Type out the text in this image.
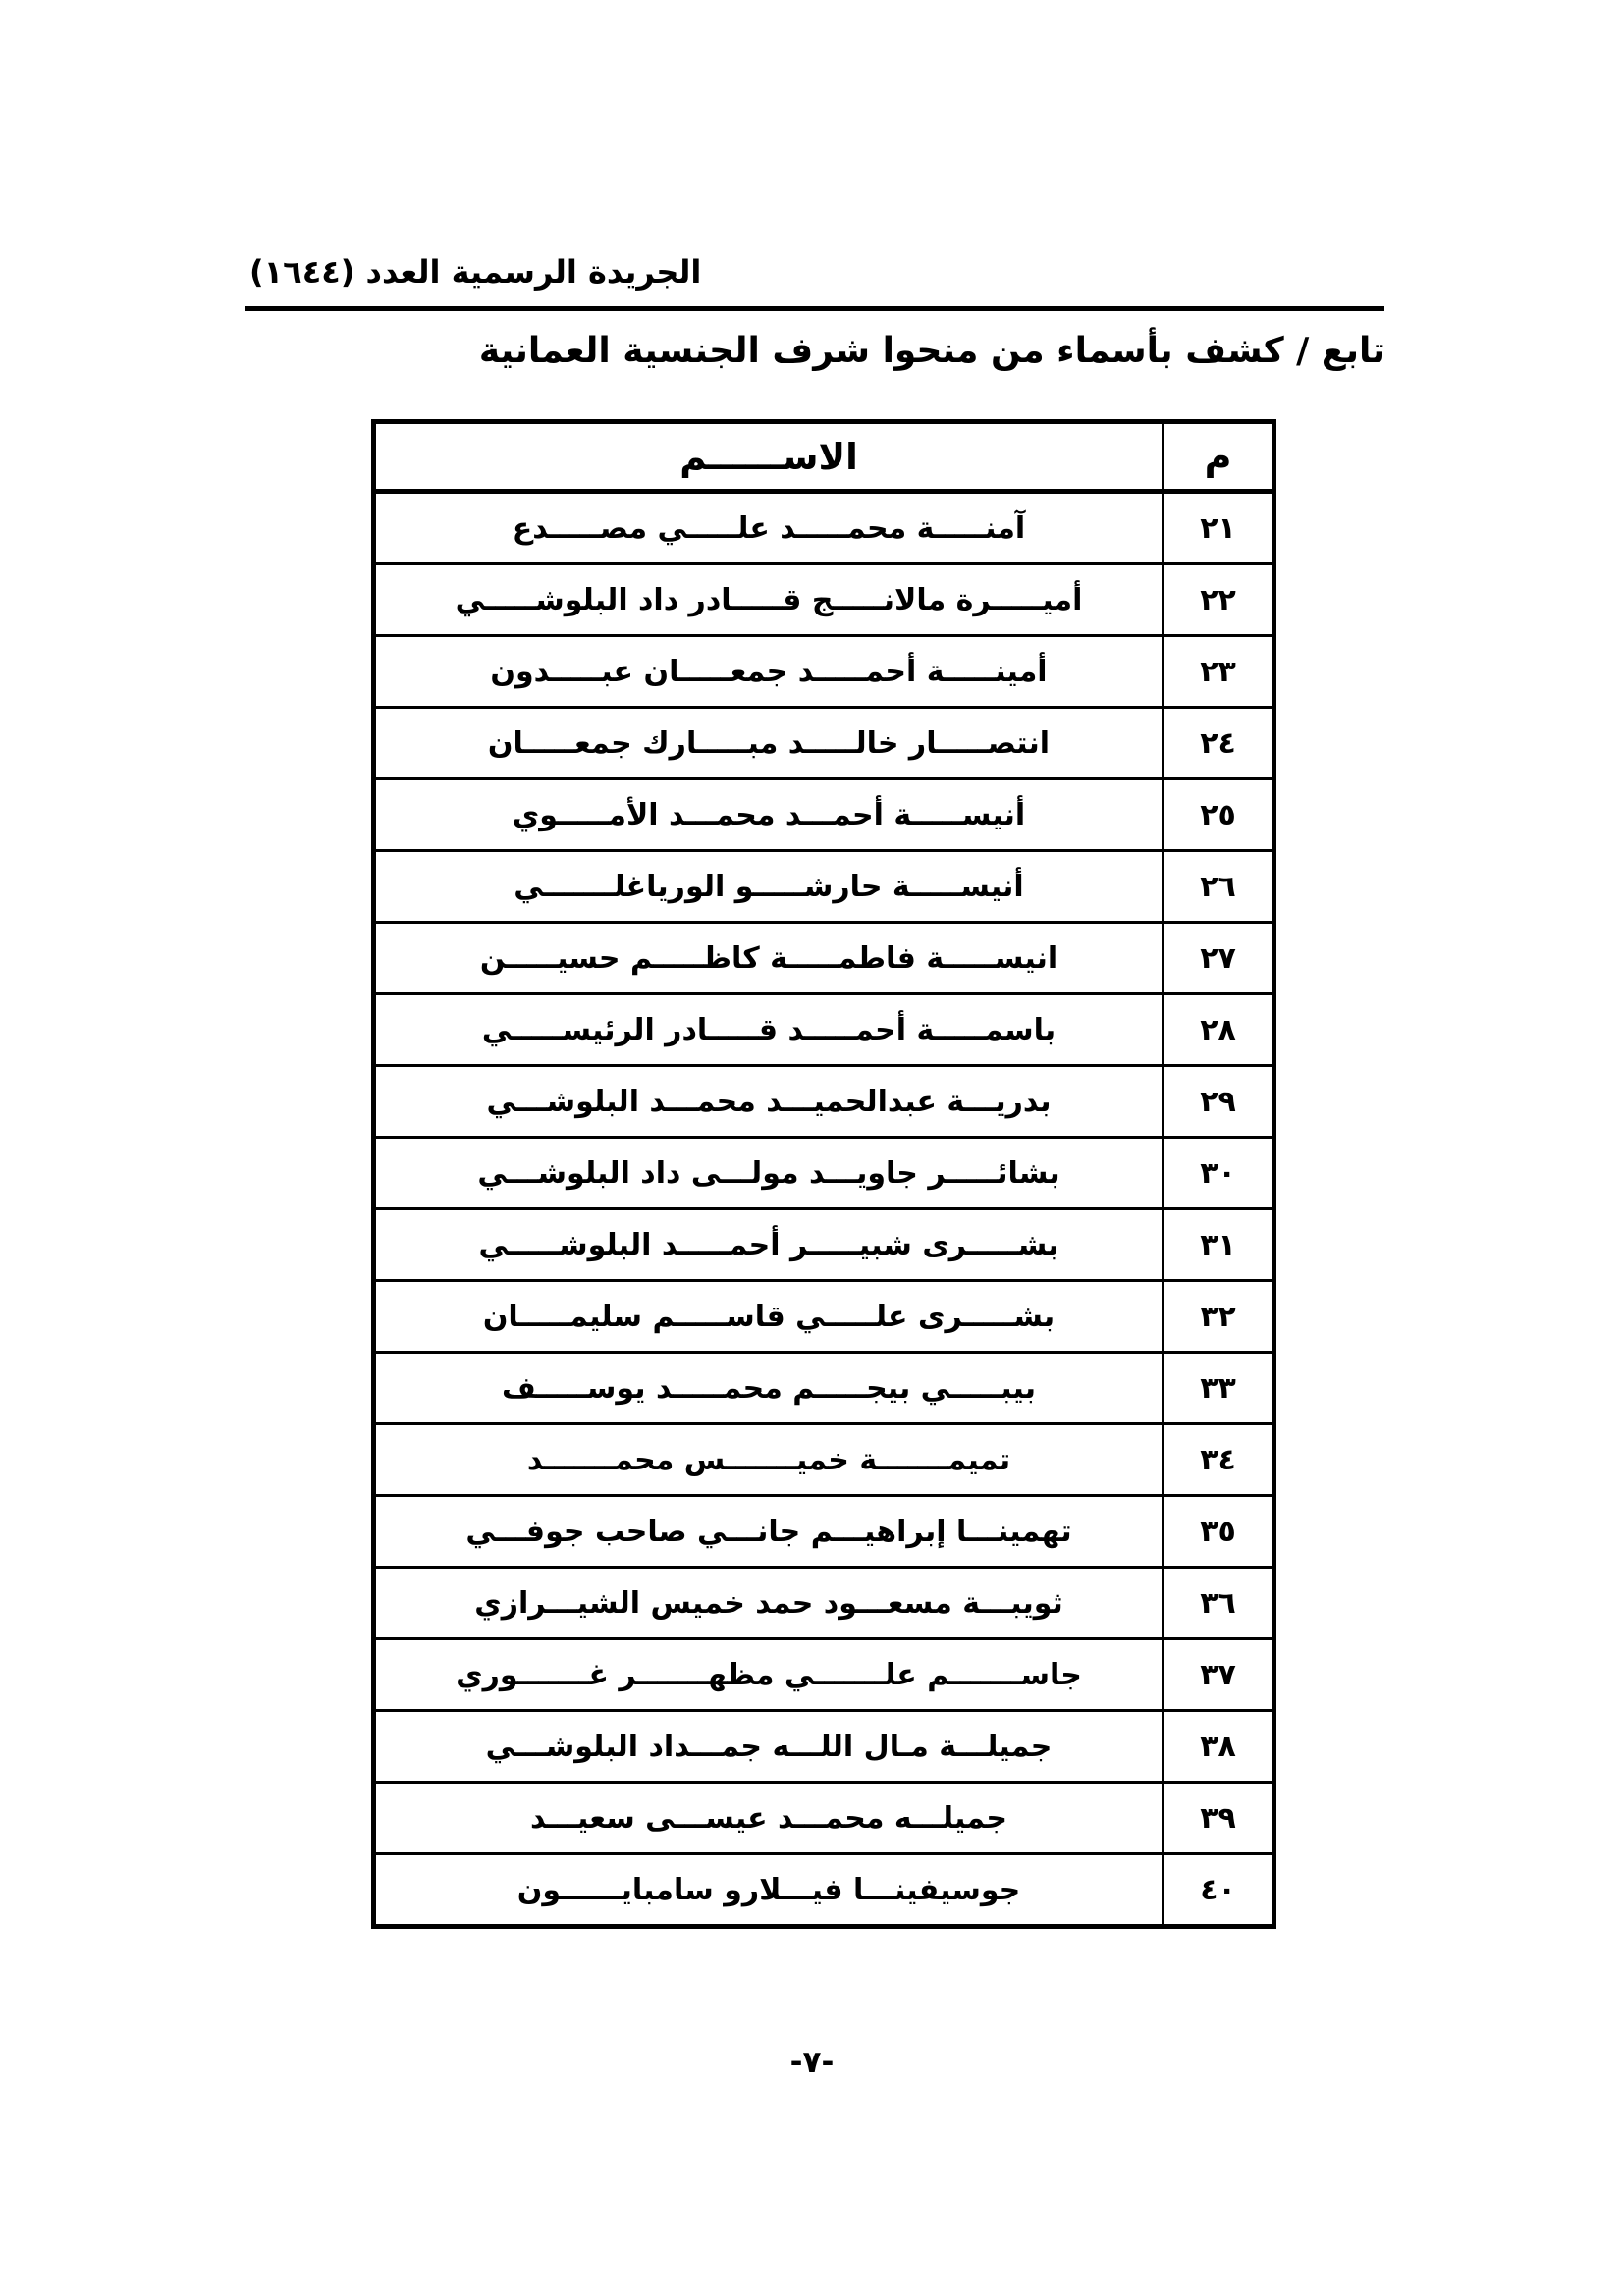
الجريدة الرسمية العدد (١٦٤٤)
تابع / كشف بأسماء من منحوا شرف الجنسية العمانية
م
الاســــــم
٢١
آمنـــــة محمـــــد علـــــي مصـــــدع
٢٢
أميـــــرة مالانـــــج قـــــادر داد البلوشـــــي
٢٣
أمينـــــة أحمـــــد جمعـــــان عبـــــدون
٢٤
انتصـــــار خالـــــد مبـــــارك جمعـــــان
٢٥
أنيســـــة أحمـــد محمـــد الأمـــــوي
٢٦
أنيســـــة حارشـــــو الورياغلـــــــي
٢٧
انيســـــة فاطمـــــة كاظـــــم حسيـــــن
٢٨
باسمـــــة أحمـــــد قـــــادر الرئيســـــي
٢٩
بدريـــة عبدالحميـــد محمـــد البلوشـــي
٣٠
بشائـــــر جاويـــد مولـــى داد البلوشـــي
٣١
بشـــــرى شبيـــــر أحمـــــد البلوشـــــي
٣٢
بشـــــرى علـــــي قاســـــم سليمـــــان
٣٣
بيبـــــي بيجـــــم محمـــــد يوســـــف
٣٤
تميمـــــــة خميـــــــس محمـــــــد
٣٥
تهمينـــا إبراهيـــم جانـــي صاحب جوفـــي
٣٦
ثويبـــة مسعـــود حمد خميس الشيـــرازي
٣٧
جاســـــــم علـــــــي مظهـــــــر غـــــــوري
٣٨
جميلـــة مـال اللـــه جمـــداد البلوشـــي
٣٩
جميلـــه محمـــد عيســـى سعيـــد
٤٠
جوسيفينـــا فيـــلارو سامبايــــــون
-٧-
